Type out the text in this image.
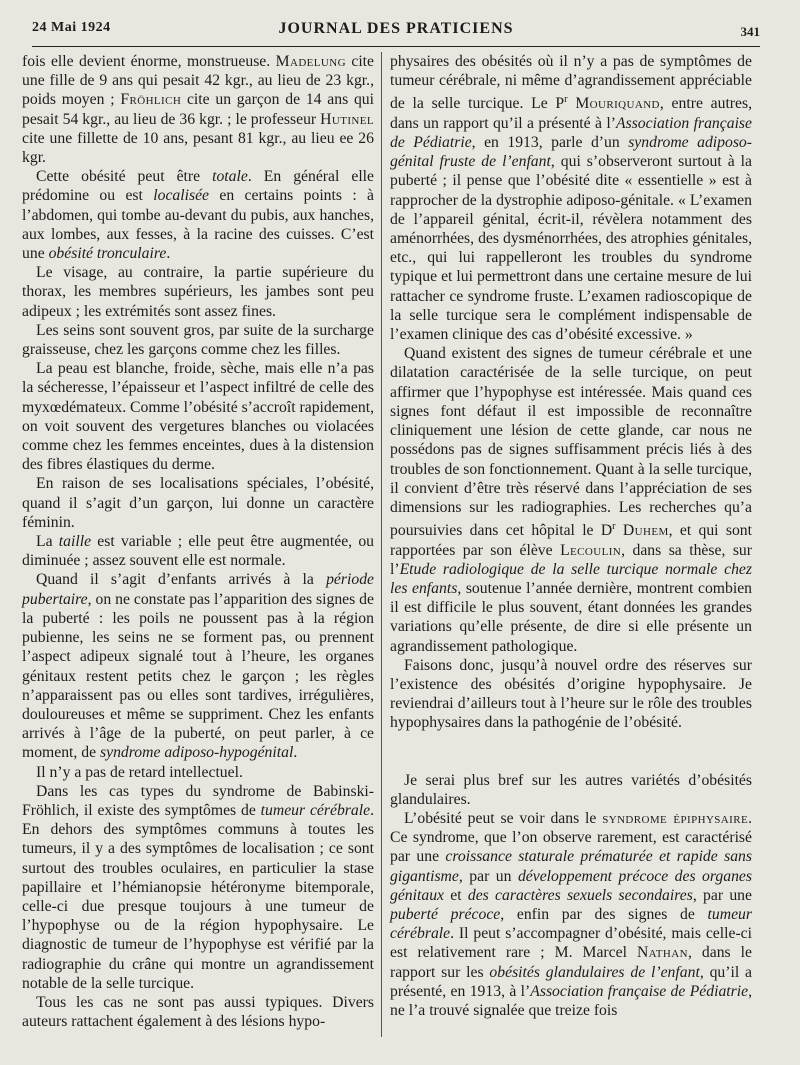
24 Mai 1924	JOURNAL DES PRATICIENS	341

fois elle devient énorme, monstrueuse. Madelung cite une fille de 9 ans qui pesait 42 kgr., au lieu de 23 kgr., poids moyen ; Fröhlich cite un garçon de 14 ans qui pesait 54 kgr., au lieu de 36 kgr. ; le professeur Hutinel cite une fillette de 10 ans, pesant 81 kgr., au lieu ee 26 kgr.

Cette obésité peut être totale. En général elle prédomine ou est localisée en certains points : à l’abdomen, qui tombe au-devant du pubis, aux hanches, aux lombes, aux fesses, à la racine des cuisses. C’est une obésité tronculaire.

Le visage, au contraire, la partie supérieure du thorax, les membres supérieurs, les jambes sont peu adipeux ; les extrémités sont assez fines.

Les seins sont souvent gros, par suite de la surcharge graisseuse, chez les garçons comme chez les filles.

La peau est blanche, froide, sèche, mais elle n’a pas la sécheresse, l’épaisseur et l’aspect infiltré de celle des myxœdémateux. Comme l’obésité s’accroît rapidement, on voit souvent des vergetures blanches ou violacées comme chez les femmes enceintes, dues à la distension des fibres élastiques du derme.

En raison de ses localisations spéciales, l’obésité, quand il s’agit d’un garçon, lui donne un caractère féminin.

La taille est variable ; elle peut être augmentée, ou diminuée ; assez souvent elle est normale.

Quand il s’agit d’enfants arrivés à la période pubertaire, on ne constate pas l’apparition des signes de la puberté : les poils ne poussent pas à la région pubienne, les seins ne se forment pas, ou prennent l’aspect adipeux signalé tout à l’heure, les organes génitaux restent petits chez le garçon ; les règles n’apparaissent pas ou elles sont tardives, irrégulières, douloureuses et même se suppriment. Chez les enfants arrivés à l’âge de la puberté, on peut parler, à ce moment, de syndrome adiposo-hypogénital.

Il n’y a pas de retard intellectuel.

Dans les cas types du syndrome de Babinski-Fröhlich, il existe des symptômes de tumeur cérébrale. En dehors des symptômes communs à toutes les tumeurs, il y a des symptômes de localisation ; ce sont surtout des troubles oculaires, en particulier la stase papillaire et l’hémianopsie hétéronyme bitemporale, celle-ci due presque toujours à une tumeur de l’hypophyse ou de la région hypophysaire. Le diagnostic de tumeur de l’hypophyse est vérifié par la radiographie du crâne qui montre un agrandissement notable de la selle turcique.

Tous les cas ne sont pas aussi typiques. Divers auteurs rattachent également à des lésions hypo-

physaires des obésités où il n’y a pas de symptômes de tumeur cérébrale, ni même d’agrandissement appréciable de la selle turcique. Le $P^r$ Mouriquand, entre autres, dans un rapport qu’il a présenté à l’Association française de Pédiatrie, en 1913, parle d’un syndrome adiposo-génital fruste de l’enfant, qui s’observeront surtout à la puberté ; il pense que l’obésité dite « essentielle » est à rapprocher de la dystrophie adiposo-génitale. « L’examen de l’appareil génital, écrit-il, révèlera notamment des aménorrhées, des dysménorrhées, des atrophies génitales, etc., qui lui rappelleront les troubles du syndrome typique et lui permettront dans une certaine mesure de lui rattacher ce syndrome fruste. L’examen radioscopique de la selle turcique sera le complément indispensable de l’examen clinique des cas d’obésité excessive. »

Quand existent des signes de tumeur cérébrale et une dilatation caractérisée de la selle turcique, on peut affirmer que l’hypophyse est intéressée. Mais quand ces signes font défaut il est impossible de reconnaître cliniquement une lésion de cette glande, car nous ne possédons pas de signes suffisamment précis liés à des troubles de son fonctionnement. Quant à la selle turcique, il convient d’être très réservé dans l’appréciation de ses dimensions sur les radiographies. Les recherches qu’a poursuivies dans cet hôpital le $D^r$ Duhem, et qui sont rapportées par son élève Lecoulin, dans sa thèse, sur l’Etude radiologique de la selle turcique normale chez les enfants, soutenue l’année dernière, montrent combien il est difficile le plus souvent, étant données les grandes variations qu’elle présente, de dire si elle présente un agrandissement pathologique.

Faisons donc, jusqu’à nouvel ordre des réserves sur l’existence des obésités d’origine hypophysaire. Je reviendrai d’ailleurs tout à l’heure sur le rôle des troubles hypophysaires dans la pathogénie de l’obésité.

Je serai plus bref sur les autres variétés d’obésités glandulaires.

L’obésité peut se voir dans le syndrome épiphysaire. Ce syndrome, que l’on observe rarement, est caractérisé par une croissance staturale prématurée et rapide sans gigantisme, par un développement précoce des organes génitaux et des caractères sexuels secondaires, par une puberté précoce, enfin par des signes de tumeur cérébrale. Il peut s’accompagner d’obésité, mais celle-ci est relativement rare ; M. Marcel Nathan, dans le rapport sur les obésités glandulaires de l’enfant, qu’il a présenté, en 1913, à l’Association française de Pédiatrie, ne l’a trouvé signalée que treize fois
